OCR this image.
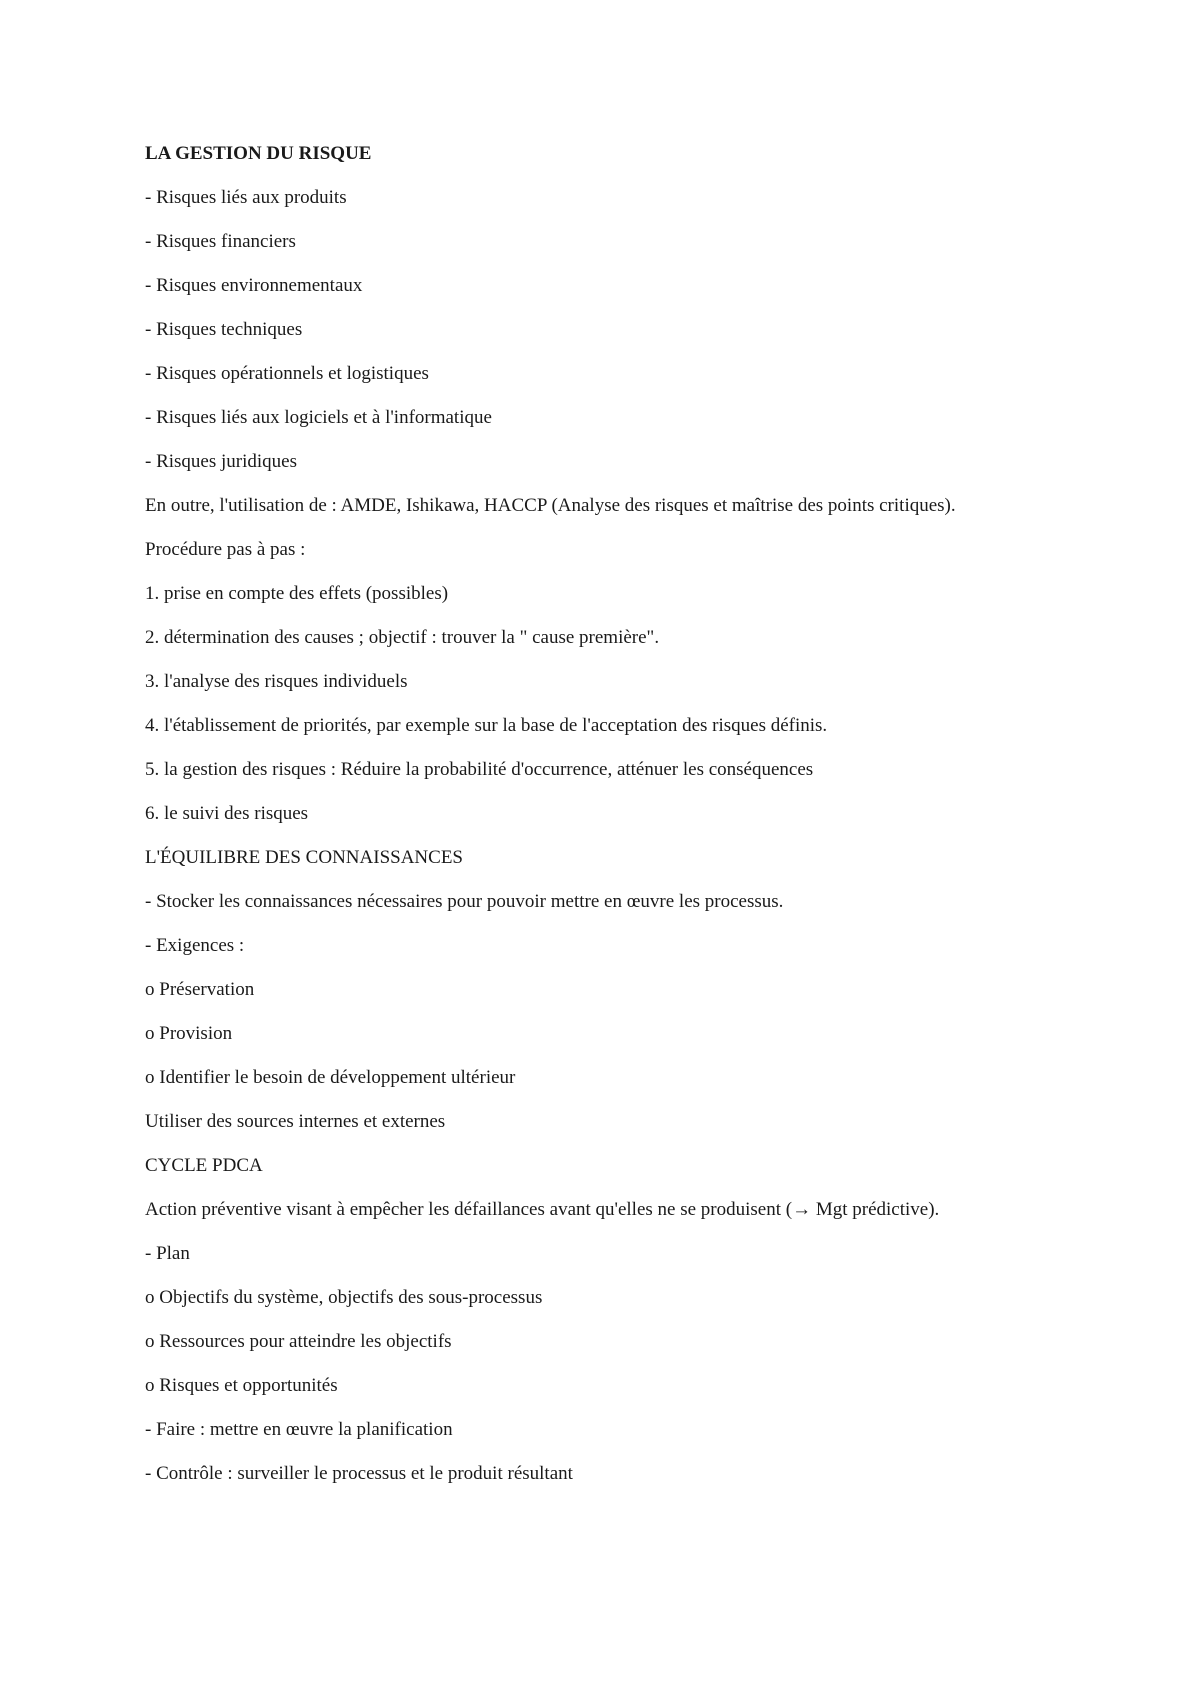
LA GESTION DU RISQUE

- Risques liés aux produits

- Risques financiers

- Risques environnementaux

- Risques techniques

- Risques opérationnels et logistiques

- Risques liés aux logiciels et à l'informatique

- Risques juridiques

En outre, l'utilisation de : AMDE, Ishikawa, HACCP (Analyse des risques et maîtrise des points critiques).

Procédure pas à pas :

1. prise en compte des effets (possibles)

2. détermination des causes ; objectif : trouver la " cause première".

3. l'analyse des risques individuels

4. l'établissement de priorités, par exemple sur la base de l'acceptation des risques définis.

5. la gestion des risques : Réduire la probabilité d'occurrence, atténuer les conséquences

6. le suivi des risques

L'ÉQUILIBRE DES CONNAISSANCES

- Stocker les connaissances nécessaires pour pouvoir mettre en œuvre les processus.

- Exigences :

o Préservation

o Provision

o Identifier le besoin de développement ultérieur

Utiliser des sources internes et externes

CYCLE PDCA

Action préventive visant à empêcher les défaillances avant qu'elles ne se produisent (→ Mgt prédictive).

- Plan

o Objectifs du système, objectifs des sous-processus

o Ressources pour atteindre les objectifs

o Risques et opportunités

- Faire : mettre en œuvre la planification

- Contrôle : surveiller le processus et le produit résultant
